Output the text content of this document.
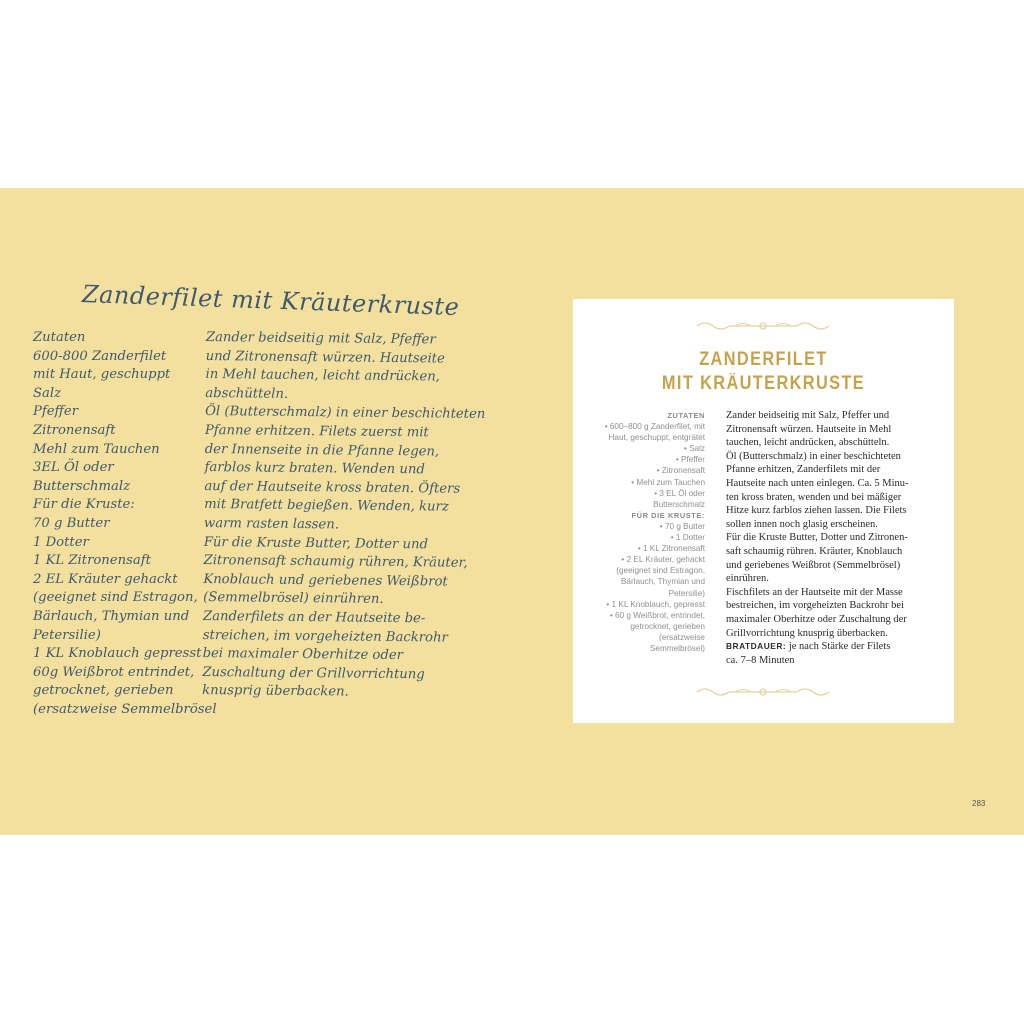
Zanderfilet mit Kräuterkruste
Zutaten
600-800 Zanderfilet
mit Haut, geschuppt
Salz
Pfeffer
Zitronensaft
Mehl zum Tauchen
3EL Öl oder
Butterschmalz
Für die Kruste:
70 g Butter
1 Dotter
1 KL Zitronensaft
2 EL Kräuter gehackt
(geeignet sind Estragon,
Bärlauch, Thymian und
Petersilie)
1 KL Knoblauch gepresst
60g Weißbrot entrindet,
getrocknet, gerieben
(ersatzweise Semmelbrösel
Zander beidseitig mit Salz, Pfeffer
und Zitronensaft würzen. Hautseite
in Mehl tauchen, leicht andrücken,
abschütteln.
Öl (Butterschmalz) in einer beschichteten
Pfanne erhitzen. Filets zuerst mit
der Innenseite in die Pfanne legen,
farblos kurz braten. Wenden und
auf der Hautseite kross braten. Öfters
mit Bratfett begießen. Wenden, kurz
warm rasten lassen.
Für die Kruste Butter, Dotter und
Zitronensaft schaumig rühren, Kräuter,
Knoblauch und geriebenes Weißbrot
(Semmelbrösel) einrühren.
Zanderfilets an der Hautseite be-
streichen, im vorgeheizten Backrohr
bei maximaler Oberhitze oder
Zuschaltung der Grillvorrichtung
knusprig überbacken.
ZANDERFILET
MIT KRÄUTERKRUSTE
ZUTATEN
• 600–800 g Zanderfilet, mit
Haut, geschuppt, entgrätet
• Salz
• Pfeffer
• Zitronensaft
• Mehl zum Tauchen
• 3 EL Öl oder
Butterschmalz
FÜR DIE KRUSTE:
• 70 g Butter
• 1 Dotter
• 1 KL Zitronensaft
• 2 EL Kräuter, gehackt
(geeignet sind Estragon,
Bärlauch, Thymian und
Petersilie)
• 1 KL Knoblauch, gepresst
• 60 g Weißbrot, entrindet,
getrocknet, gerieben
(ersatzweise
Semmelbrösel)
Zander beidseitig mit Salz, Pfeffer und
Zitronensaft würzen. Hautseite in Mehl
tauchen, leicht andrücken, abschütteln.
Öl (Butterschmalz) in einer beschichteten
Pfanne erhitzen, Zanderfilets mit der
Hautseite nach unten einlegen. Ca. 5 Minu-
ten kross braten, wenden und bei mäßiger
Hitze kurz farblos ziehen lassen. Die Filets
sollen innen noch glasig erscheinen.
Für die Kruste Butter, Dotter und Zitronen-
saft schaumig rühren. Kräuter, Knoblauch
und geriebenes Weißbrot (Semmelbrösel)
einrühren.
Fischfilets an der Hautseite mit der Masse
bestreichen, im vorgeheizten Backrohr bei
maximaler Oberhitze oder Zuschaltung der
Grillvorrichtung knusprig überbacken.
BRATDAUER: je nach Stärke der Filets
ca. 7–8 Minuten
283
